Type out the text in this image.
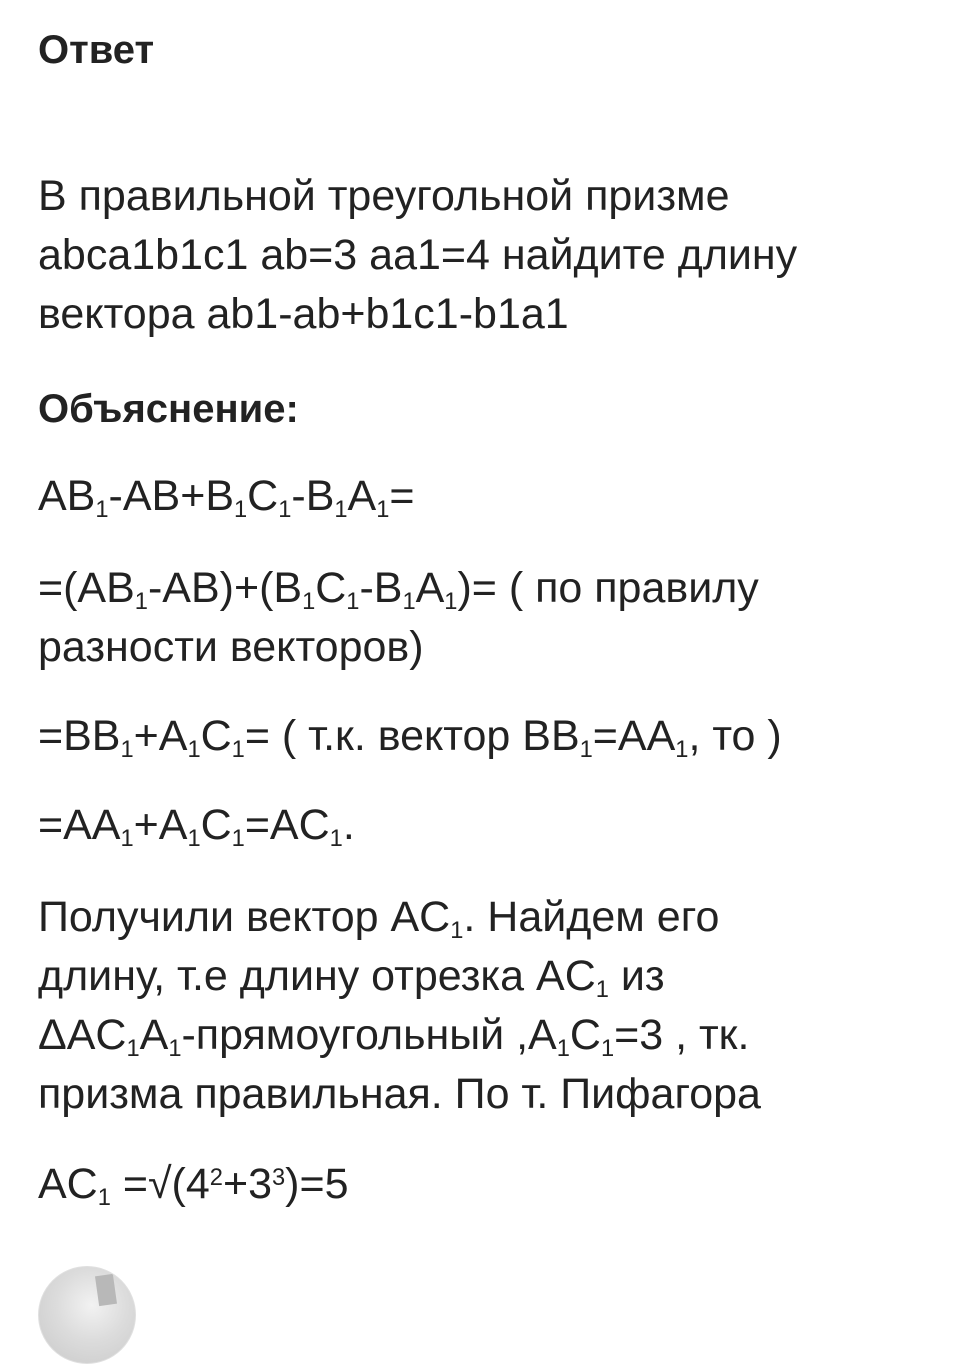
Ответ

В правильной треугольной призме
abca1b1c1 ab=3 aa1=4 найдите длину
вектора ab1-ab+b1c1-b1a1

Объяснение:

$AB_1-AB+B_1C_1-B_1A_1=$

$=(AB_1-AB)+(B_1C_1-B_1A_1)=$ ( по правилу
разности векторов)

$=BB_1+A_1C_1=$ ( т.к. вектор $BB_1=AA_1$, то )

$=AA_1+A_1C_1=AC_1$.

Получили вектор $AC_1$. Найдем его
длину, т.е длину отрезка $AC_1$ из
$\Delta AC_1A_1$-прямоугольный $,A_1C_1=3$ , тк.
призма правильная. По т. Пифагора

$AC_1 =√(4^2+3^3)=5$
